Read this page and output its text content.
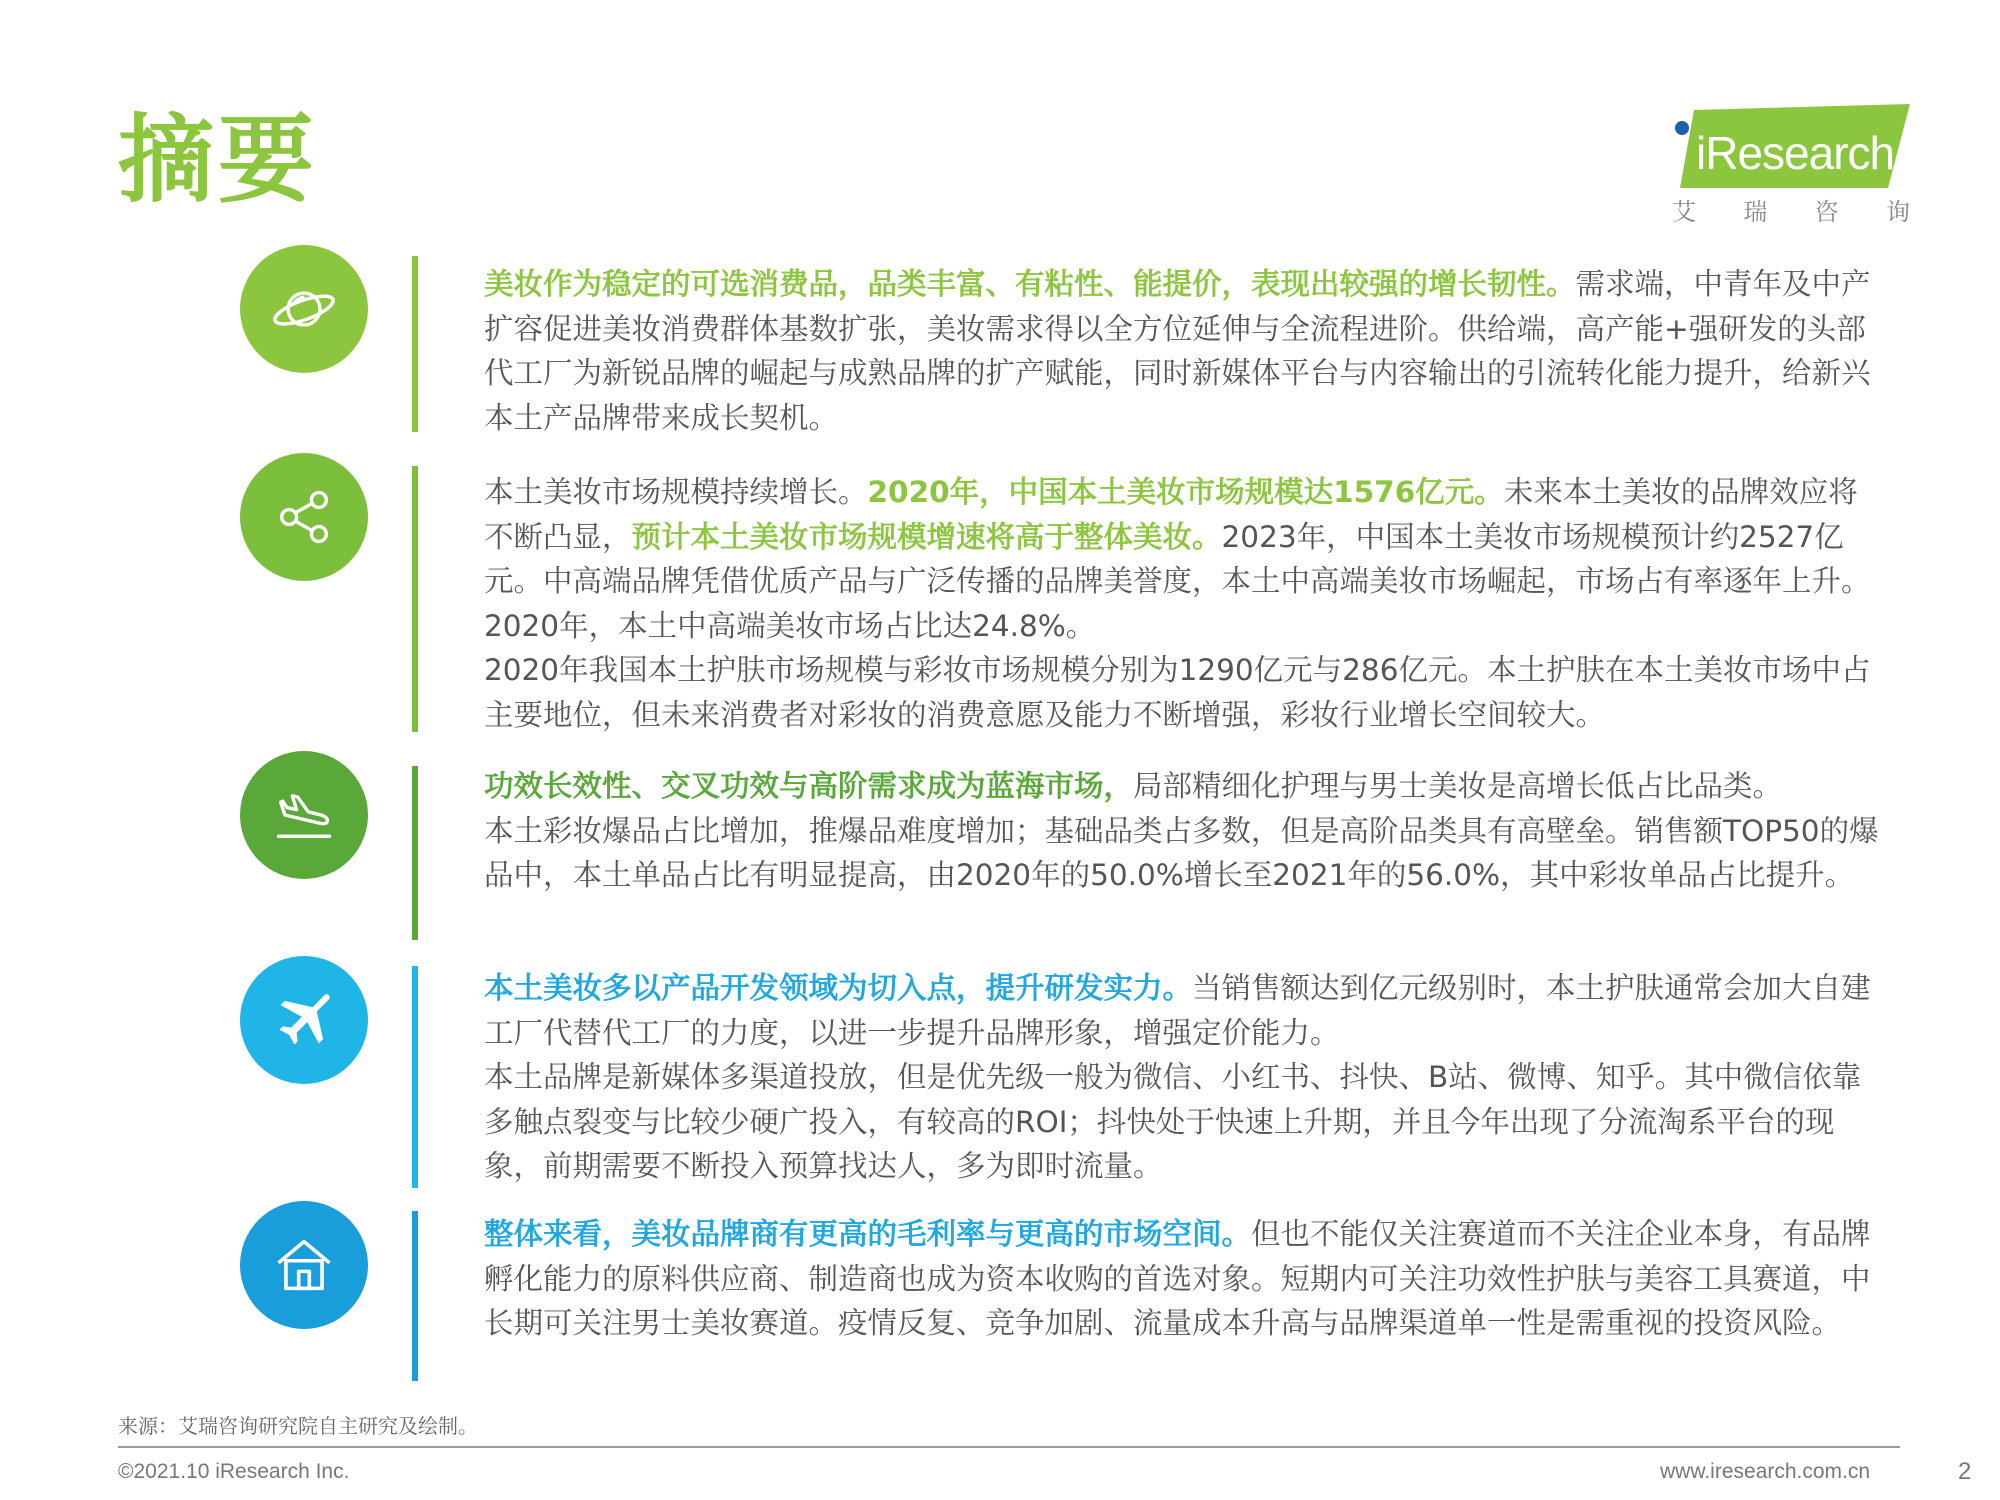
摘要	iResearch
艾 瑞 咨 询

美妆作为稳定的可选消费品，品类丰富、有粘性、能提价，表现出较强的增长韧性。需求端，中青年及中产扩容促进美妆消费群体基数扩张，美妆需求得以全方位延伸与全流程进阶。供给端，高产能+强研发的头部代工厂为新锐品牌的崛起与成熟品牌的扩产赋能，同时新媒体平台与内容输出的引流转化能力提升，给新兴本土产品牌带来成长契机。

本土美妆市场规模持续增长。2020年，中国本土美妆市场规模达1576亿元。未来本土美妆的品牌效应将不断凸显，预计本土美妆市场规模增速将高于整体美妆。2023年，中国本土美妆市场规模预计约2527亿元。中高端品牌凭借优质产品与广泛传播的品牌美誉度，本土中高端美妆市场崛起，市场占有率逐年上升。2020年，本土中高端美妆市场占比达24.8%。

2020年我国本土护肤市场规模与彩妆市场规模分别为1290亿元与286亿元。本土护肤在本土美妆市场中占主要地位，但未来消费者对彩妆的消费意愿及能力不断增强，彩妆行业增长空间较大。

功效长效性、交叉功效与高阶需求成为蓝海市场，局部精细化护理与男士美妆是高增长低占比品类。

本土彩妆爆品占比增加，推爆品难度增加；基础品类占多数，但是高阶品类具有高壁垒。销售额TOP50的爆品中，本土单品占比有明显提高，由2020年的50.0%增长至2021年的56.0%，其中彩妆单品占比提升。

本土美妆多以产品开发领域为切入点，提升研发实力。当销售额达到亿元级别时，本土护肤通常会加大自建工厂代替代工厂的力度，以进一步提升品牌形象，增强定价能力。

本土品牌是新媒体多渠道投放，但是优先级一般为微信、小红书、抖快、B站、微博、知乎。其中微信依靠多触点裂变与比较少硬广投入，有较高的ROI；抖快处于快速上升期，并且今年出现了分流淘系平台的现象，前期需要不断投入预算找达人，多为即时流量。

整体来看，美妆品牌商有更高的毛利率与更高的市场空间。但也不能仅关注赛道而不关注企业本身，有品牌孵化能力的原料供应商、制造商也成为资本收购的首选对象。短期内可关注功效性护肤与美容工具赛道，中长期可关注男士美妆赛道。疫情反复、竞争加剧、流量成本升高与品牌渠道单一性是需重视的投资风险。

来源：艾瑞咨询研究院自主研究及绘制。
©2021.10 iResearch Inc.	www.iresearch.com.cn	2
